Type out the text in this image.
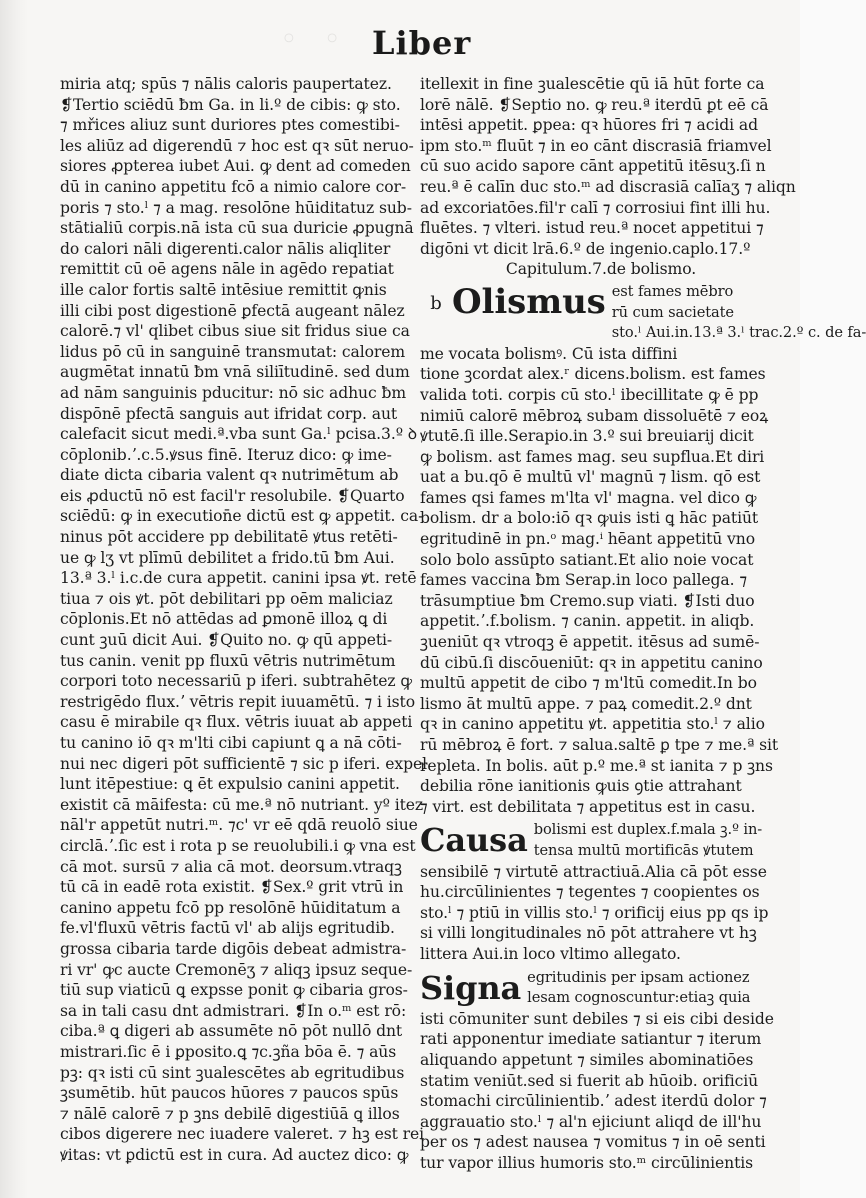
◦ ◦ Liber
miria atq; spūs ⁊ nālis caloris paupertatez.
❡Tertio sciēdū ƀm Ga. in li.º de cibis: ꝙ sto.
⁊ mřices aliuz sunt duriores ptes comestibi-
les aliūz ad digerendū ⁊ hoc est qꝛ sūt neruo-
siores ꝓpterea iubet Aui. ꝙ dent ad comeden
dū in canino appetitu fcō a nimio calore cor-
poris ⁊ sto.ˡ ⁊ a mag. resolōne hūiditatuz sub-
stātialiū corpis.nā ista cū sua duricie ꝓpugnā
do calori nāli digerenti.calor nālis aliqliter
remittit cū oē agens nāle in agēdo repatiat
ille calor fortis saltē intēsiue remittit ꝙnis
illi cibi post digestionē ꝑfectā augeant nālez
calorē.⁊ vl' qlibet cibus siue sit fridus siue ca
lidus pō cū in sanguinē transmutat: calorem
augmētat innatū ƀm vnā siliītudinē. sed dum
ad nām sanguinis pducitur: nō sic adhuc ƀm
dispōnē pfectā sanguis aut ifridat corp. aut
calefacit sicut medi.ª.vba sunt Ga.ˡ pcisa.3.º ꝺ
cōplonib.ʼ.c.5.ꝟsus finē. Iteruz dico: ꝙ ime-
diate dicta cibaria valent qꝛ nutrimētum ab
eis ꝓductū nō est facil'r resolubile. ❡Quarto
sciēdū: ꝙ in execution̄e dictū est ꝙ appetit. ca-
ninus pōt accidere pp debilitatē ꝟtus retēti-
ue ꝙ lʒ vt plīmū debilitet a frido.tū ƀm Aui.
13.ª 3.ˡ i.c.de cura appetit. canini ipsa ꝟt. retē
tiua ⁊ ois ꝟt. pōt debilitari pp oēm maliciaz
cōplonis.Et nō attēdas ad ꝑmonē illoꝝ ꝗ di
cunt ꝫuū dicit Aui. ❡Quito no. ꝙ qū appeti-
tus canin. venit pp fluxū vētris nutrimētum
corpori toto necessariū p iferi. subtrahētez ꝙ
restrigēdo flux.ʼ vētris repit iuuamētū. ⁊ i isto
casu ē mirabile qꝛ flux. vētris iuuat ab appeti
tu canino iō qꝛ m'lti cibi capiunt ꝗ a nā cōti-
nui nec digeri pōt sufficientē ⁊ sic p iferi. expel
lunt itēpestiue: ꝗ ēt expulsio canini appetit.
existit cā māifesta: cū me.ª nō nutriant. yº itez
nāl'r appetūt nutri.ᵐ. ⁊c' vr eē qdā reuolō siue
circlā.ʼ.ſic est i rota p se reuolubili.i ꝙ vna est
cā mot. sursū ⁊ alia cā mot. deorsum.vtraqꝫ
tū cā in eadē rota existit. ❡Sex.º grit vtrū in
canino appetu fcō pp resolōnē hūiditatum a
fe.vl'fluxū vētris factū vl' ab alijs egritudib.
grossa cibaria tarde digōis debeat admistra-
ri vr' ꝙc aucte Cremonēʒ ⁊ aliqꝫ ipsuz seque-
tiū sup viaticū ꝗ expsse ponit ꝙ cibaria gros-
sa in tali casu dnt admistrari. ❡In o.ᵐ est rō:
ciba.ª ꝗ digeri ab assumēte nō pōt nullō dnt
mistrari.ſic ē i ꝑposito.ꝗ ⁊c.ꝫña bōa ē. ⁊ aūs
pꝫ: qꝛ isti cū sint ꝫualescētes ab egritudibus
ꝫsumētib. hūt paucos hūores ⁊ paucos spūs
⁊ nālē calorē ⁊ p ꝫns debilē digestiūā ꝗ illos
cibos digerere nec iuadere valeret. ⁊ hꝫ est rei
ꝟitas: vt ꝑdictū est in cura. Ad auctez dico: ꝙ
itellexit in fine ꝫualescētie qū iā hūt forte ca
lorē nālē. ❡Septio no. ꝙ reu.ª iterdū ꝑt eē cā
intēsi appetit. ꝑpea: qꝛ hūores fri ⁊ acidi ad
ipm sto.ᵐ fluūt ⁊ in eo cānt discrasiā friamvel
cū suo acido sapore cānt appetitū itēsuʒ.ſi n
reu.ª ē calīn duc sto.ᵐ ad discrasiā calīaʒ ⁊ aliqn
ad excoriatōes.fil'r calī ⁊ corrosiui fint illi hu.
fluētes. ⁊ vlteri. istud reu.ª nocet appetitui ⁊
digōni vt dicit lrā.6.º de ingenio.caplo.17.º
Capitulum.7.de bolismo.
b Olismus est fames mēbro
rū cum sacietate
sto.ˡ Aui.in.13.ª 3.ˡ trac.2.º c. de fa-
me vocata bolismꝰ. Cū ista diffini
tione ꝫcordat alex.ʳ dicens.bolism. est fames
valida toti. corpis cū sto.ˡ ibecillitate ꝙ ē pp
nimiū calorē mēbroꝝ subam dissoluētē ⁊ eoꝝ
ꝟtutē.ſi ille.Serapio.in 3.º sui breuiarij dicit
ꝙ bolism. ast fames mag. seu supflua.Et diri
uat a bu.qō ē multū vl' magnū ⁊ lism. qō est
fames qsi fames m'lta vl' magna. vel dico ꝙ
bolism. dr a bolo:iō qꝛ ꝙuis isti ꝗ hāc patiūt
egritudinē in pn.ᵒ mag.ⁱ hēant appetitū vno
solo bolo assūpto satiant.Et alio noie vocat
fames vaccina ƀm Serap.in loco pallega. ⁊
trāsumptiue ƀm Cremo.sup viati. ❡Isti duo
appetit.ʼ.f.bolism. ⁊ canin. appetit. in aliqb.
ꝫueniūt qꝛ vtroqꝫ ē appetit. itēsus ad sumē-
dū cibū.ſi discōueniūt: qꝛ in appetitu canino
multū appetit de cibo ⁊ m'ltū comedit.In bo
lismo āt multū appe. ⁊ paꝝ comedit.2.º dnt
qꝛ in canino appetitu ꝟt. appetitia sto.ˡ ⁊ alio
rū mēbroꝝ ē fort. ⁊ salua.saltē ꝑ tpe ⁊ me.ª sit
repleta. In bolis. aūt p.º me.ª st ianita ⁊ p ꝫns
debilia rōne ianitionis ꝙuis ꝯtie attrahant
⁊ virt. est debilitata ⁊ appetitus est in casu.
Causa bolismi est duplex.f.mala ꝫ.º in-
tensa multū mortificās ꝟtutem
sensibilē ⁊ virtutē attractiuā.Alia cā pōt esse
hu.circūlinientes ⁊ tegentes ⁊ coopientes os
sto.ˡ ⁊ ptiū in villis sto.ˡ ⁊ orificij eius pp qs ip
si villi longitudinales nō pōt attrahere vt hꝫ
littera Aui.in loco vltimo allegato.
Signa egritudinis per ipsam actionez
lesam cognoscuntur:etiaꝫ quia
isti cōmuniter sunt debiles ⁊ si eis cibi deside
rati apponentur imediate satiantur ⁊ iterum
aliquando appetunt ⁊ similes abominatiōes
statim veniūt.sed si fuerit ab hūoib. orificiū
stomachi circūlinientib.ʼ adest iterdū dolor ⁊
aggrauatio sto.ˡ ⁊ al'n ejiciunt aliqd de ill'hu
per os ⁊ adest nausea ⁊ vomitus ⁊ in oē senti
tur vapor illius humoris sto.ᵐ circūlinientis
